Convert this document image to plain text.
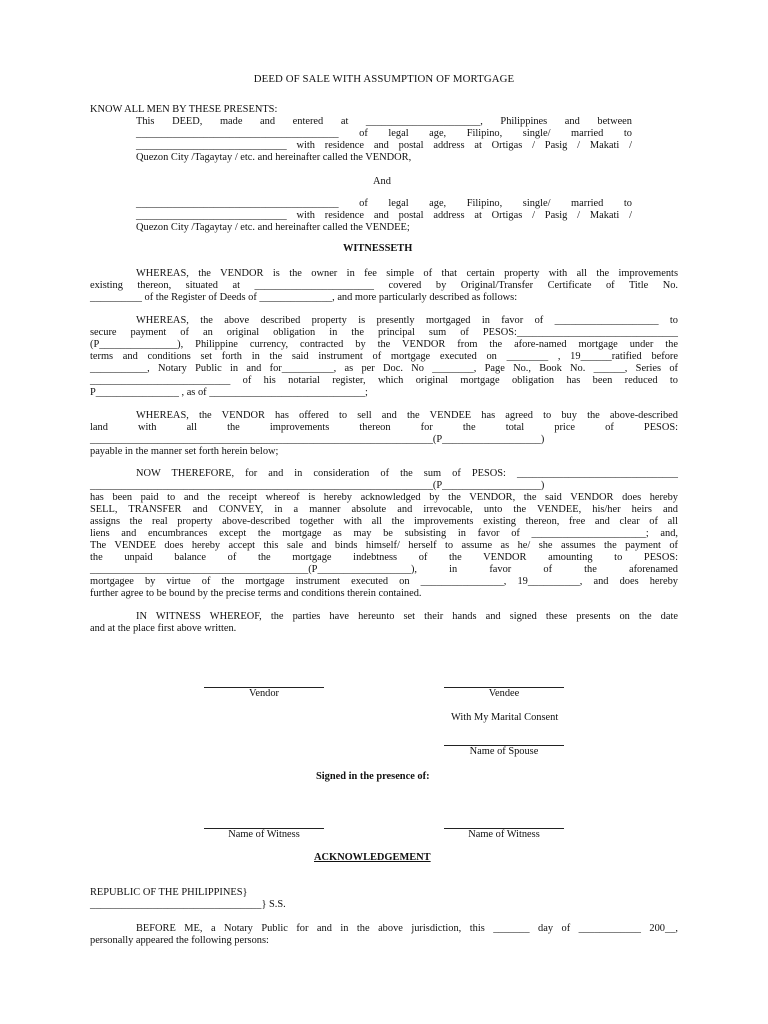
DEED OF SALE WITH ASSUMPTION OF MORTGAGE
KNOW ALL MEN BY THESE PRESENTS:
This DEED, made and entered at ______________________, Philippines and between
_______________________________________ of legal age, Filipino, single/ married to
_____________________________ with residence and postal address at Ortigas / Pasig / Makati /
Quezon City /Tagaytay / etc. and hereinafter called the VENDOR,
And
_______________________________________ of legal age, Filipino, single/ married to
_____________________________ with residence and postal address at Ortigas / Pasig / Makati /
Quezon City /Tagaytay / etc. and hereinafter called the VENDEE;
WITNESSETH
WHEREAS, the VENDOR is the owner in fee simple of that certain property with all the improvements
existing thereon, situated at _______________________ covered by Original/Transfer Certificate of Title No.
__________ of the Register of Deeds of ______________, and more particularly described as follows:
WHEREAS, the above described property is presently mortgaged in favor of ____________________ to
secure payment of an original obligation in the principal sum of PESOS:_______________________________
(P_______________), Philippine currency, contracted by the VENDOR from the afore-named mortgage under the
terms and conditions set forth in the said instrument of mortgage executed on ________ , 19______ratified before
___________, Notary Public in and for__________, as per Doc. No ________, Page No., Book No. ______, Series of
___________________________ of his notarial register, which original mortgage obligation has been reduced to
P________________ , as of ______________________________;
WHEREAS, the VENDOR has offered to sell and the VENDEE has agreed to buy the above-described
land with all the improvements thereon for the total price of PESOS:
__________________________________________________________________(P___________________)
payable in the manner set forth herein below;
NOW THEREFORE, for and in consideration of the sum of PESOS: _______________________________
__________________________________________________________________(P___________________)
has been paid to and the receipt whereof is hereby acknowledged by the VENDOR, the said VENDOR does hereby
SELL, TRANSFER and CONVEY, in a manner absolute and irrevocable, unto the VENDEE, his/her heirs and
assigns the real property above-described together with all the improvements existing thereon, free and clear of all
liens and encumbrances except the mortgage as may be subsisting in favor of ______________________; and,
The VENDEE does hereby accept this sale and binds himself/ herself to assume as he/ she assumes the payment of
the unpaid balance of the mortgage indebtness of the VENDOR amounting to PESOS:
__________________________________________(P__________________), in favor of the aforenamed
mortgagee by virtue of the mortgage instrument executed on ________________, 19__________, and does hereby
further agree to be bound by the precise terms and conditions therein contained.
IN WITNESS WHEREOF, the parties have hereunto set their hands and signed these presents on the date
and at the place first above written.
Vendor	Vendee
With My Marital Consent
Name of Spouse
Signed in the presence of:
Name of Witness	Name of Witness
ACKNOWLEDGEMENT
REPUBLIC OF THE PHILIPPINES}
_________________________________} S.S.
BEFORE ME, a Notary Public for and in the above jurisdiction, this _______ day of ____________ 200__,
personally appeared the following persons:
